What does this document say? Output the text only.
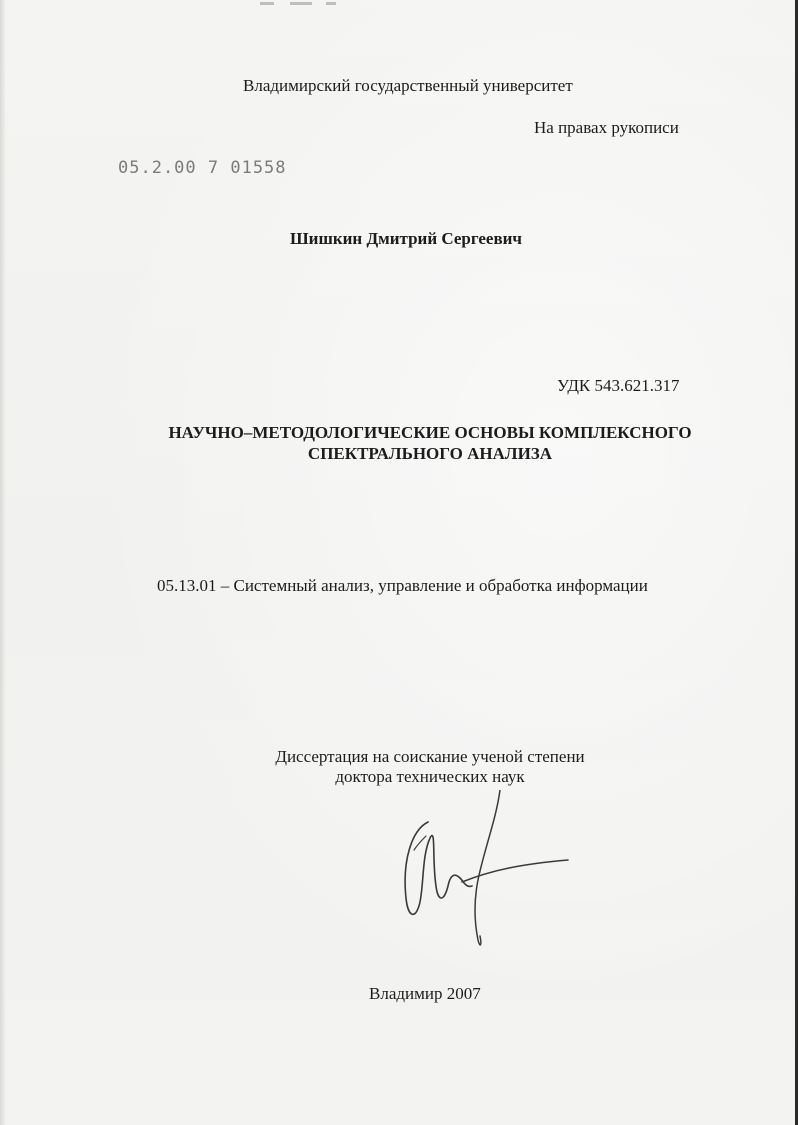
Владимирский государственный университет
На правах рукописи
05.2.00 7 01558
Шишкин Дмитрий Сергеевич
УДК 543.621.317
НАУЧНО–МЕТОДОЛОГИЧЕСКИЕ ОСНОВЫ КОМПЛЕКСНОГО
СПЕКТРАЛЬНОГО АНАЛИЗА
05.13.01 – Системный анализ, управление и обработка информации
Диссертация на соискание ученой степени
доктора технических наук
Владимир 2007
